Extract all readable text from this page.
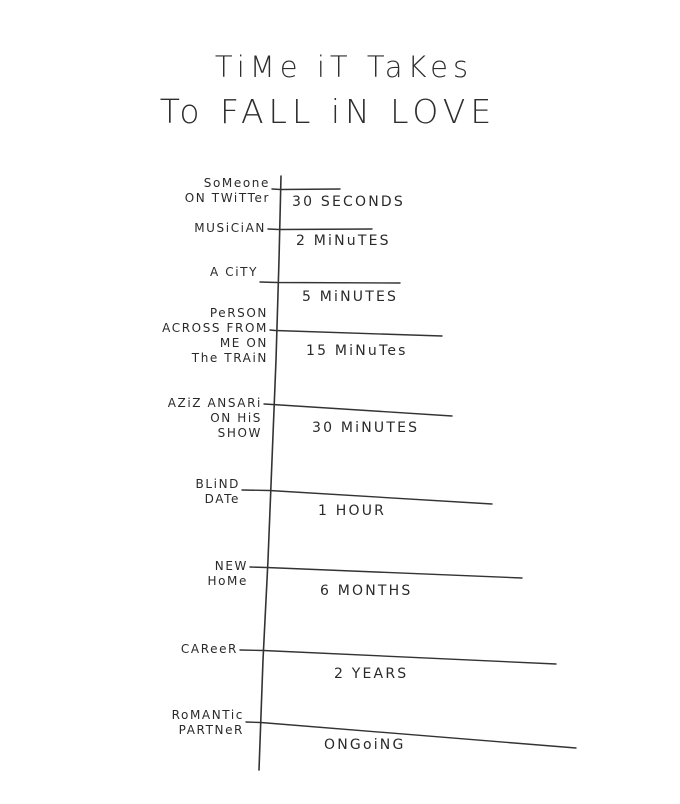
TiMe iT TaKes
To FALL iN LOVE
SoMeone
ON TWiTTer 30 SECONDS
MUSiCiAN
2 MiNuTES
A CiTY
5 MiNUTES
PeRSON
ACROSS FROM
ME ON
The TRAiN	15 MiNuTes
AZiZ ANSARi
ON HiS
SHOW	30 MiNUTES
BLiND
DATe
1 HOUR
NEW
HoMe
6 MONTHS
CAReeR
2 YEARS
RoMANTic
PARTNeR
ONGoiNG
